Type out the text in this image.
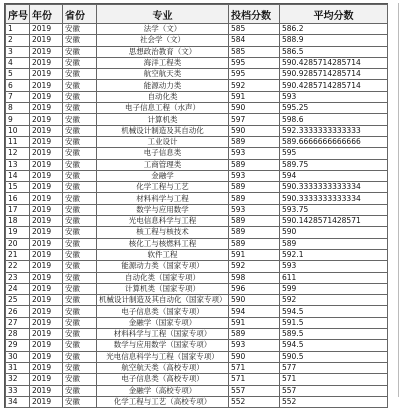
序号	年份	省份	专业	投档分数	平均分数
1	2019	安徽	法学（文）	585	586.2
2	2019	安徽	社会学（文）	584	588.9
3	2019	安徽	思想政治教育（文）	585	586.5
4	2019	安徽	海洋工程类	595	590.4285714285714
5	2019	安徽	航空航天类	595	590.9285714285714
6	2019	安徽	能源动力类	592	590.4285714285714
7	2019	安徽	自动化类	591	593
8	2019	安徽	电子信息工程（水声）	590	595.25
9	2019	安徽	计算机类	597	598.6
10	2019	安徽	机械设计制造及其自动化	590	592.3333333333333
11	2019	安徽	工业设计	589	589.6666666666666
12	2019	安徽	电子信息类	593	595
13	2019	安徽	工商管理类	589	589.75
14	2019	安徽	金融学	593	594
15	2019	安徽	化学工程与工艺	589	590.3333333333334
16	2019	安徽	材料科学与工程	589	590.3333333333334
17	2019	安徽	数学与应用数学	593	593.75
18	2019	安徽	光电信息科学与工程	589	590.1428571428571
19	2019	安徽	核工程与核技术	589	590
20	2019	安徽	核化工与核燃料工程	589	589
21	2019	安徽	软件工程	591	592.1
22	2019	安徽	能源动力类（国家专项）	592	593
23	2019	安徽	自动化类（国家专项）	598	611
24	2019	安徽	计算机类（国家专项）	596	599
25	2019	安徽	机械设计制造及其自动化（国家专项）	590	592
26	2019	安徽	电子信息类（国家专项）	594	594.5
27	2019	安徽	金融学（国家专项）	591	591.5
28	2019	安徽	材料科学与工程（国家专项）	589	589.5
29	2019	安徽	数学与应用数学（国家专项）	593	594.5
30	2019	安徽	光电信息科学与工程（国家专项）	590	590.5
31	2019	安徽	航空航天类（高校专项）	571	577
32	2019	安徽	电子信息类（高校专项）	571	571
33	2019	安徽	金融学（高校专项）	557	557
34	2019	安徽	化学工程与工艺（高校专项）	552	552
